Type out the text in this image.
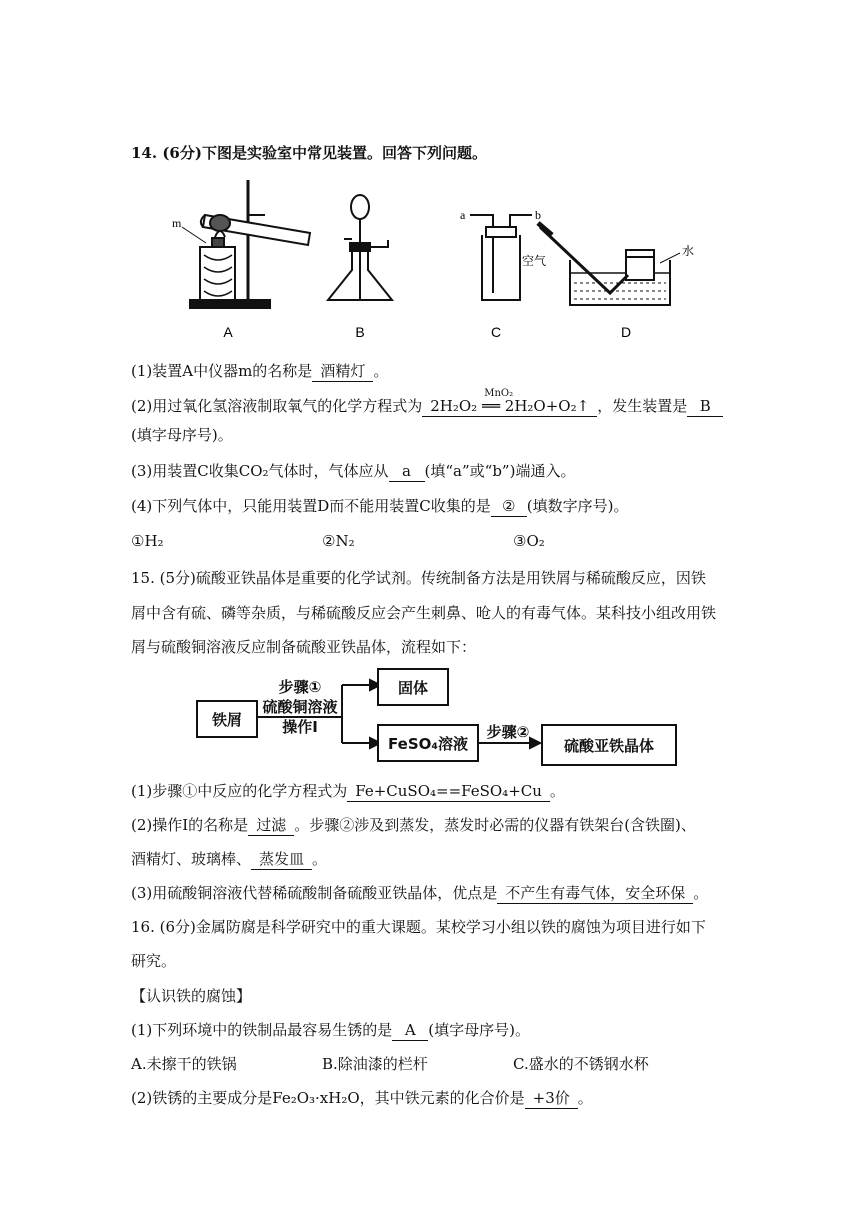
14. (6分)下图是实验室中常见装置。回答下列问题。
m
a	b
空气
水
A	B	C	D
(1)装置A中仪器m的名称是 酒精灯 。
(2)用过氧化氢溶液制取氧气的化学方程式为
MnO₂
2H₂O₂ ══ 2H₂O+O₂↑ ，发生装置是 B
(填字母序号)。
(3)用装置C收集CO₂气体时，气体应从 a (填“a”或“b”)端通入。
(4)下列气体中，只能用装置D而不能用装置C收集的是 ② (填数字序号)。
①H₂	②N₂	③O₂
15. (5分)硫酸亚铁晶体是重要的化学试剂。传统制备方法是用铁屑与稀硫酸反应，因铁
屑中含有硫、磷等杂质，与稀硫酸反应会产生刺鼻、呛人的有毒气体。某科技小组改用铁
屑与硫酸铜溶液反应制备硫酸亚铁晶体，流程如下：
铁屑
步骤①
硫酸铜溶液
操作I
固体
FeSO₄溶液
步骤②
硫酸亚铁晶体
(1)步骤①中反应的化学方程式为 Fe+CuSO₄==FeSO₄+Cu 。
(2)操作I的名称是 过滤 。步骤②涉及到蒸发，蒸发时必需的仪器有铁架台(含铁圈)、
酒精灯、玻璃棒、 蒸发皿 。
(3)用硫酸铜溶液代替稀硫酸制备硫酸亚铁晶体，优点是 不产生有毒气体，安全环保 。
16. (6分)金属防腐是科学研究中的重大课题。某校学习小组以铁的腐蚀为项目进行如下
研究。
【认识铁的腐蚀】
(1)下列环境中的铁制品最容易生锈的是 A (填字母序号)。
A.未擦干的铁锅	B.除油漆的栏杆	C.盛水的不锈钢水杯
(2)铁锈的主要成分是Fe₂O₃·xH₂O，其中铁元素的化合价是 +3价 。
